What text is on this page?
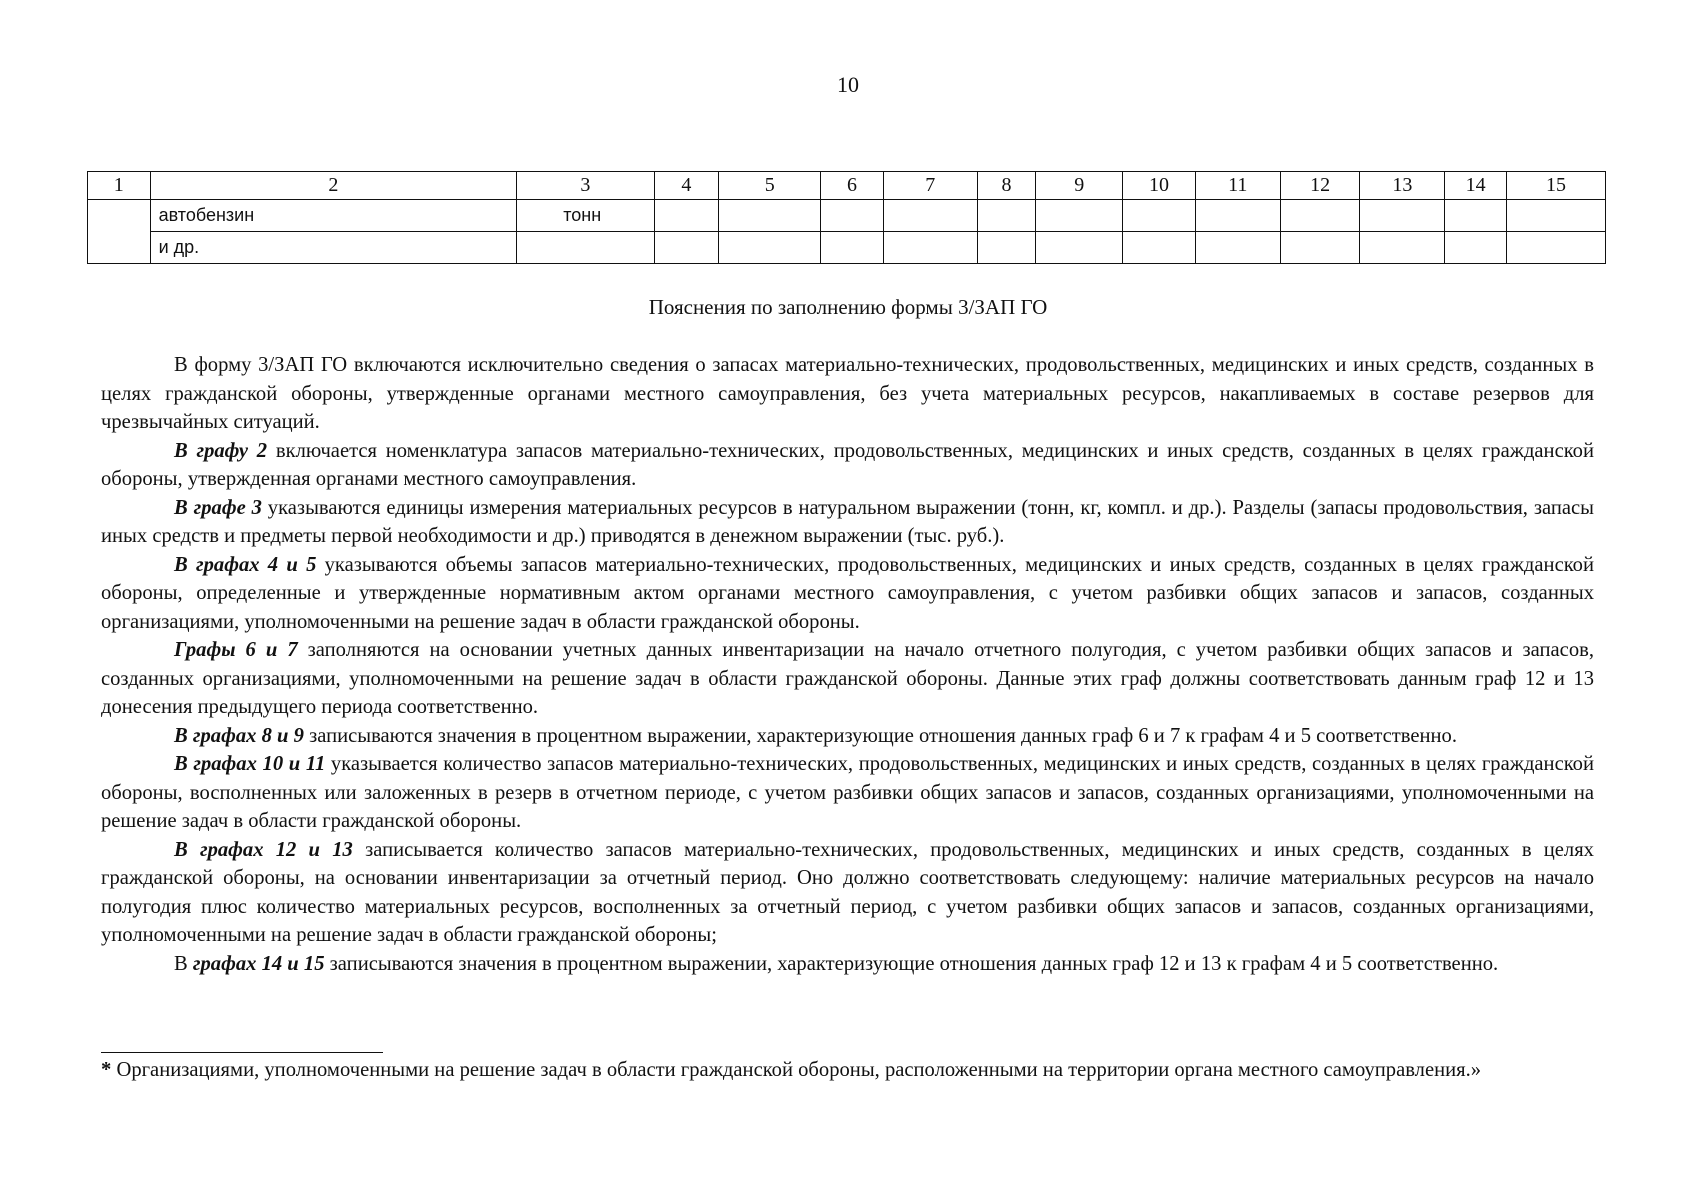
10
1	2	3	4	5	6	7	8	9	10	11	12	13	14	15
	автобензин	тонн												
	и др.													
Пояснения по заполнению формы 3/ЗАП ГО

В форму 3/ЗАП ГО включаются исключительно сведения о запасах материально-технических, продовольственных, медицинских и иных средств, созданных в целях гражданской обороны, утвержденные органами местного самоуправления, без учета материальных ресурсов, накапливаемых в составе резервов для чрезвычайных ситуаций.

В графу 2 включается номенклатура запасов материально-технических, продовольственных, медицинских и иных средств, созданных в целях гражданской обороны, утвержденная органами местного самоуправления.

В графе 3 указываются единицы измерения материальных ресурсов в натуральном выражении (тонн, кг, компл. и др.). Разделы (запасы продовольствия, запасы иных средств и предметы первой необходимости и др.) приводятся в денежном выражении (тыс. руб.).

В графах 4 и 5 указываются объемы запасов материально-технических, продовольственных, медицинских и иных средств, созданных в целях гражданской обороны, определенные и утвержденные нормативным актом органами местного самоуправления, с учетом разбивки общих запасов и запасов, созданных организациями, уполномоченными на решение задач в области гражданской обороны.

Графы 6 и 7 заполняются на основании учетных данных инвентаризации на начало отчетного полугодия, с учетом разбивки общих запасов и запасов, созданных организациями, уполномоченными на решение задач в области гражданской обороны. Данные этих граф должны соответствовать данным граф 12 и 13 донесения предыдущего периода соответственно.

В графах 8 и 9 записываются значения в процентном выражении, характеризующие отношения данных граф 6 и 7 к графам 4 и 5 соответственно.

В графах 10 и 11 указывается количество запасов материально-технических, продовольственных, медицинских и иных средств, созданных в целях гражданской обороны, восполненных или заложенных в резерв в отчетном периоде, с учетом разбивки общих запасов и запасов, созданных организациями, уполномоченными на решение задач в области гражданской обороны.

В графах 12 и 13 записывается количество запасов материально-технических, продовольственных, медицинских и иных средств, созданных в целях гражданской обороны, на основании инвентаризации за отчетный период. Оно должно соответствовать следующему: наличие материальных ресурсов на начало полугодия плюс количество материальных ресурсов, восполненных за отчетный период, с учетом разбивки общих запасов и запасов, созданных организациями, уполномоченными на решение задач в области гражданской обороны;

В графах 14 и 15 записываются значения в процентном выражении, характеризующие отношения данных граф 12 и 13 к графам 4 и 5 соответственно.

* Организациями, уполномоченными на решение задач в области гражданской обороны, расположенными на территории органа местного самоуправления.»
